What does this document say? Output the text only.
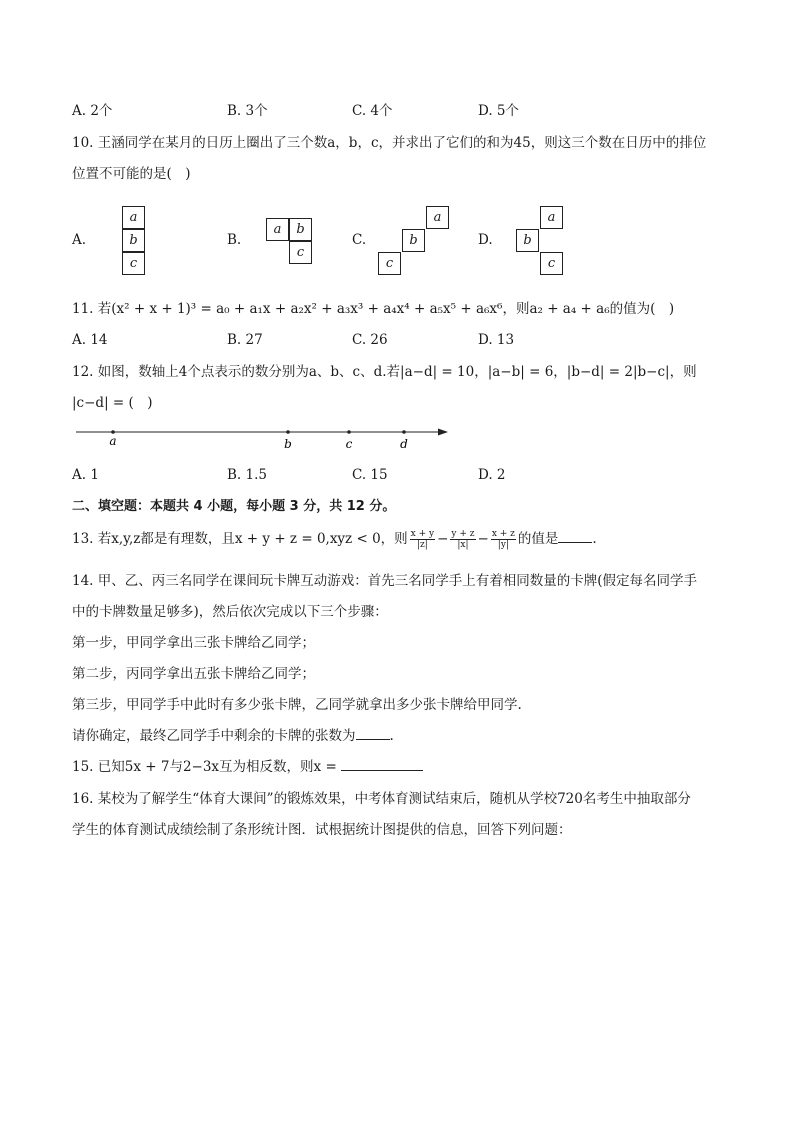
A. 2个	B. 3个	C. 4个	D. 5个
10. 王涵同学在某月的日历上圈出了三个数a，b，c，并求出了它们的和为45，则这三个数在日历中的排位
位置不可能的是(　)
A.
a
b
c
B.
a	b
c
C.
a
b
c
D.
a
b
c
11. 若(x² + x + 1)³ = a₀ + a₁x + a₂x² + a₃x³ + a₄x⁴ + a₅x⁵ + a₆x⁶，则a₂ + a₄ + a₆的值为(　)
A. 14	B. 27	C. 26	D. 13
12. 如图，数轴上4个点表示的数分别为a、b、c、d.若|a−d| = 10，|a−b| = 6，|b−d| = 2|b−c|，则
|c−d| = (　)
a	b	c	d
A. 1	B. 1.5	C. 15	D. 2
二、填空题：本题共 4 小题，每小题 3 分，共 12 分。
13. 若x,y,z都是有理数，且x + y + z = 0,xyz < 0，则 $\frac{x + y}{|z|} - \frac{y + z}{|x|} - \frac{x + z}{|y|}$ 的值是	.
14. 甲、乙、丙三名同学在课间玩卡牌互动游戏：首先三名同学手上有着相同数量的卡牌(假定每名同学手
中的卡牌数量足够多)，然后依次完成以下三个步骤：
第一步，甲同学拿出三张卡牌给乙同学；
第二步，丙同学拿出五张卡牌给乙同学；
第三步，甲同学手中此时有多少张卡牌，乙同学就拿出多少张卡牌给甲同学.
请你确定，最终乙同学手中剩余的卡牌的张数为	.
15. 已知5x + 7与2−3x互为相反数，则x =
16. 某校为了解学生“体育大课间”的锻炼效果，中考体育测试结束后，随机从学校720名考生中抽取部分
学生的体育测试成绩绘制了条形统计图．试根据统计图提供的信息，回答下列问题：
